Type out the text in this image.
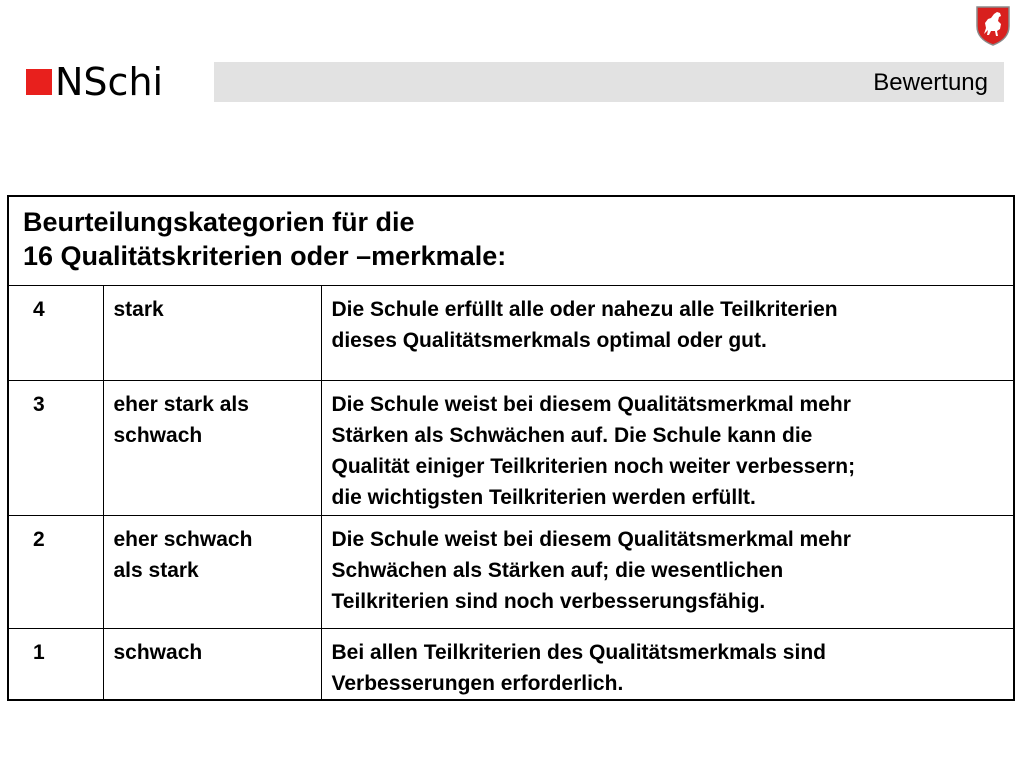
NSchi	Bewertung
Beurteilungskategorien für die
16 Qualitätskriterien oder –merkmale:		

4	stark	Die Schule erfüllt alle oder nahezu alle Teilkriterien
dieses Qualitätsmerkmals optimal oder gut.

3	eher stark als
schwach	Die Schule weist bei diesem Qualitätsmerkmal mehr
Stärken als Schwächen auf. Die Schule kann die
Qualität einiger Teilkriterien noch weiter verbessern;
die wichtigsten Teilkriterien werden erfüllt.

2	eher schwach
als stark	Die Schule weist bei diesem Qualitätsmerkmal mehr
Schwächen als Stärken auf; die wesentlichen
Teilkriterien sind noch verbesserungsfähig.

1	schwach	Bei allen Teilkriterien des Qualitätsmerkmals sind
Verbesserungen erforderlich.
